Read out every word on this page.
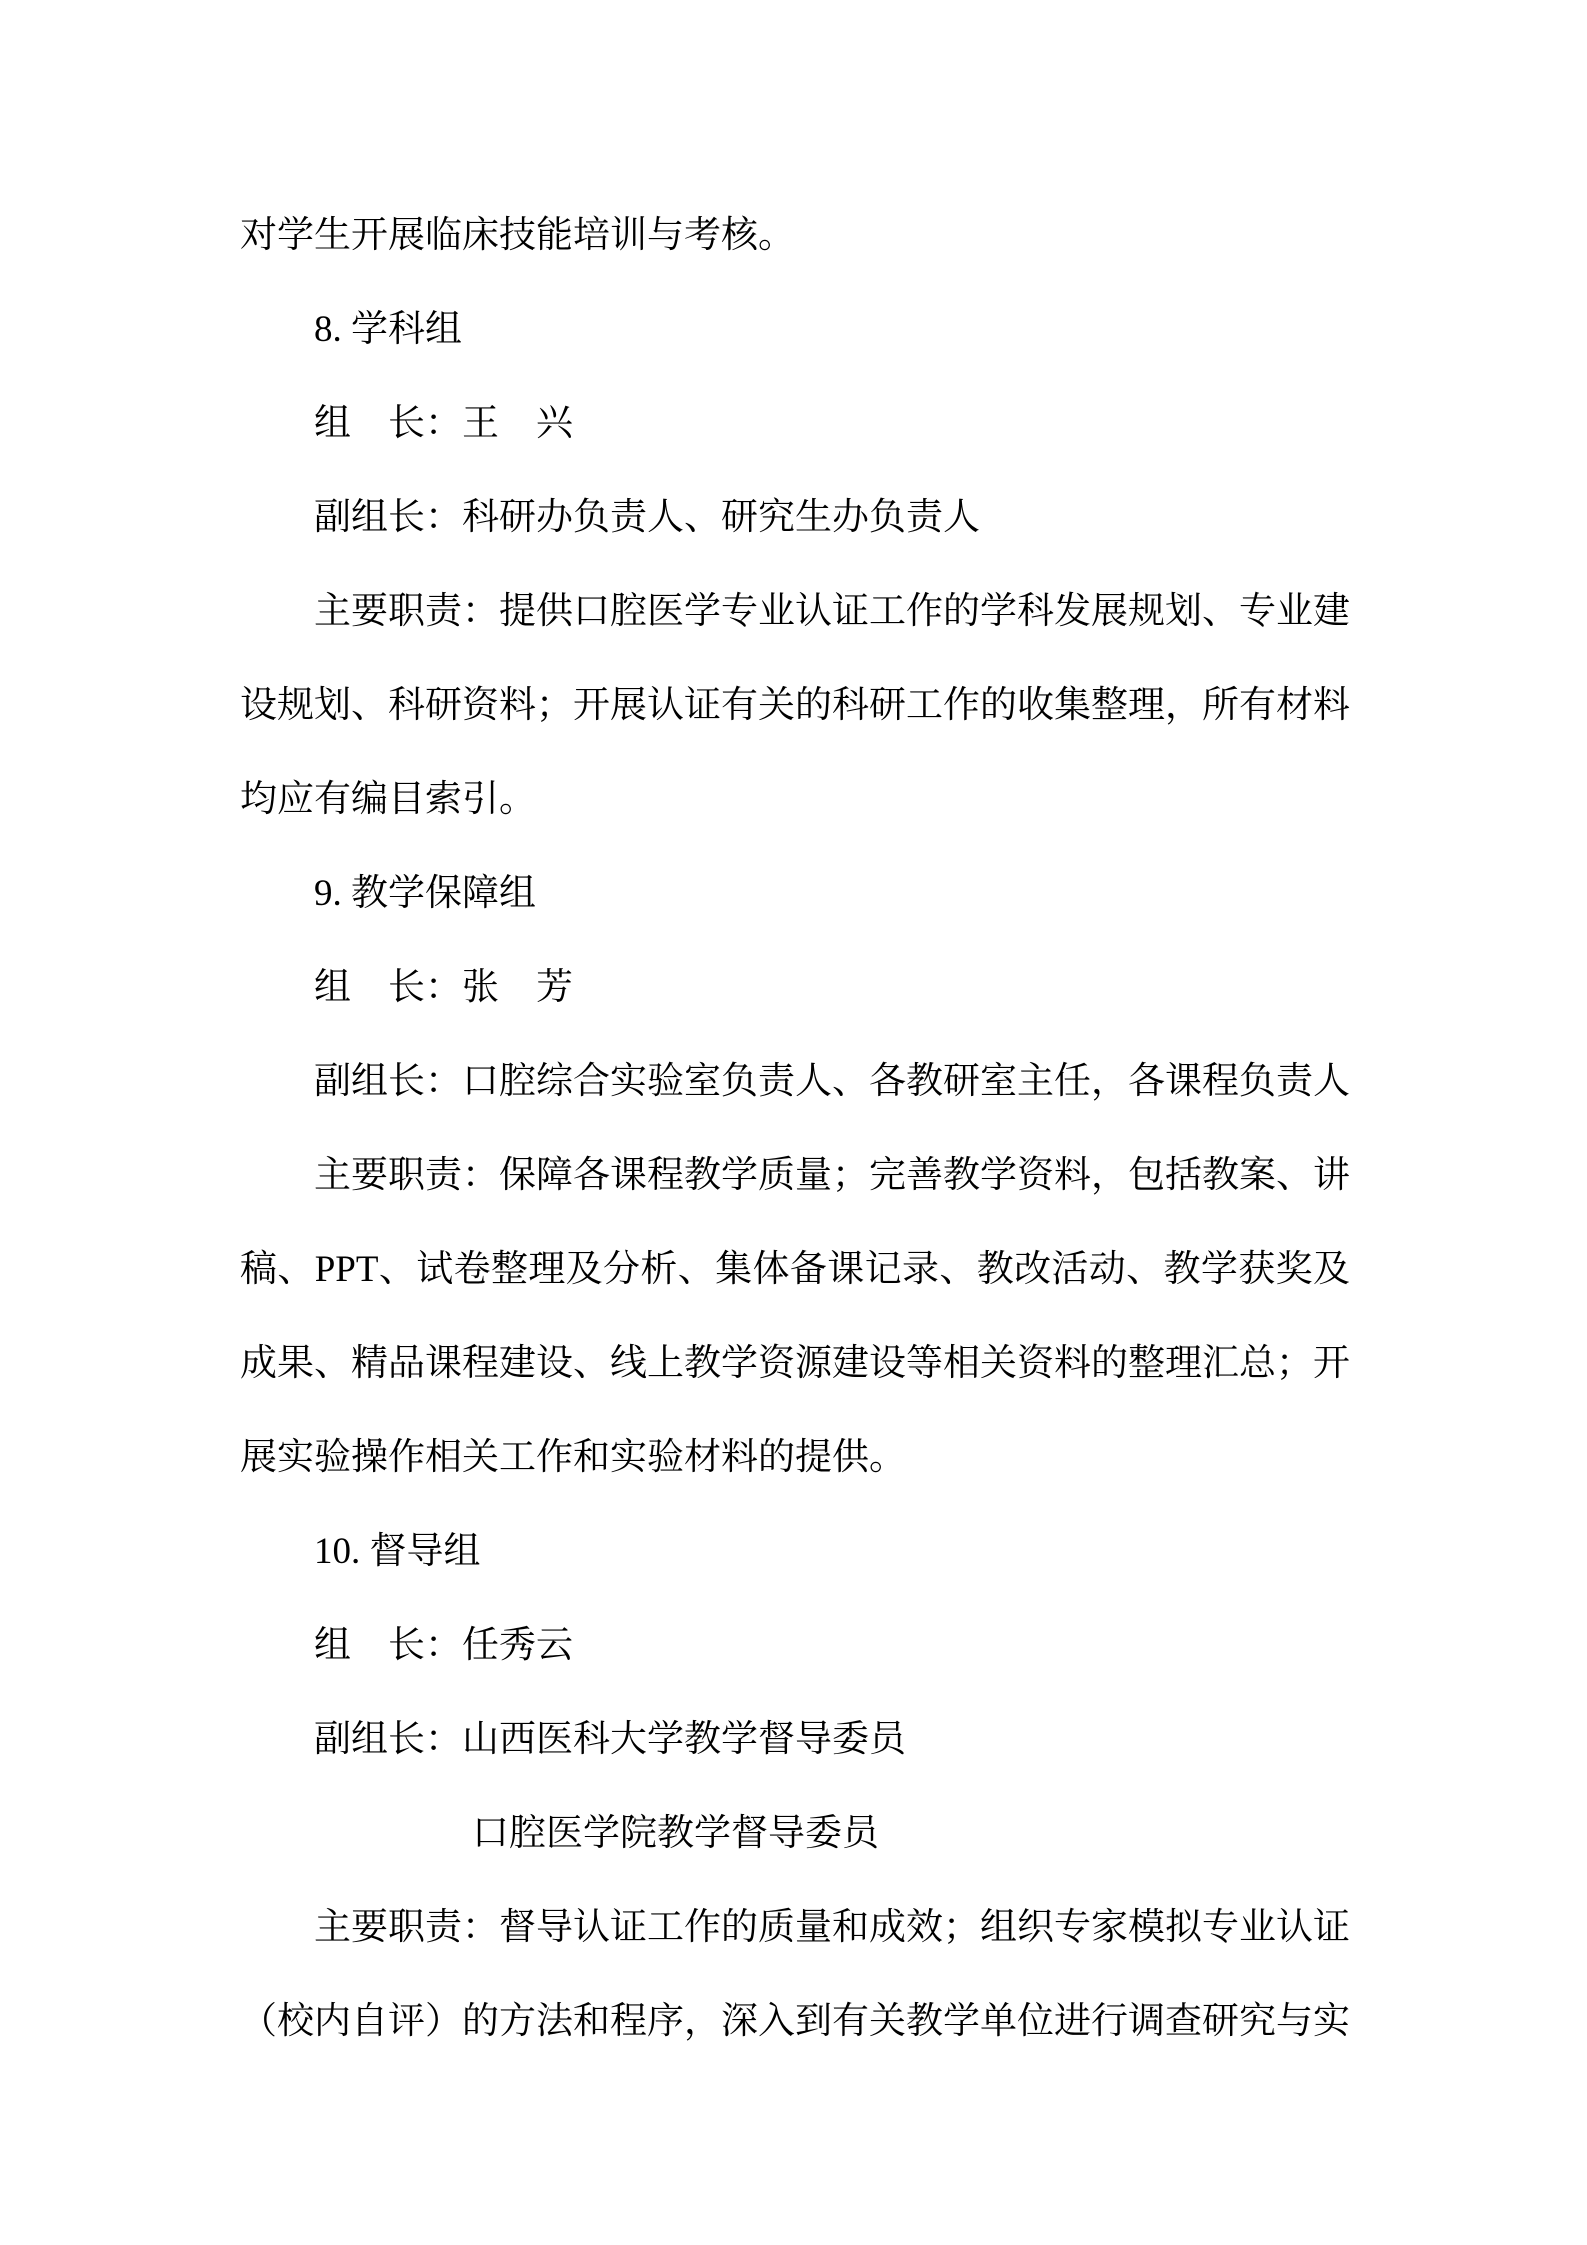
对学生开展临床技能培训与考核。
8. 学科组
组　长：王　兴
副组长：科研办负责人、研究生办负责人
主要职责：提供口腔医学专业认证工作的学科发展规划、专业建
设规划、科研资料；开展认证有关的科研工作的收集整理，所有材料
均应有编目索引。
9. 教学保障组
组　长：张　芳
副组长：口腔综合实验室负责人、各教研室主任，各课程负责人
主要职责：保障各课程教学质量；完善教学资料，包括教案、讲
稿、PPT、试卷整理及分析、集体备课记录、教改活动、教学获奖及
成果、精品课程建设、线上教学资源建设等相关资料的整理汇总；开
展实验操作相关工作和实验材料的提供。
10. 督导组
组　长：任秀云
副组长：山西医科大学教学督导委员
口腔医学院教学督导委员
主要职责：督导认证工作的质量和成效；组织专家模拟专业认证
（校内自评）的方法和程序，深入到有关教学单位进行调查研究与实
